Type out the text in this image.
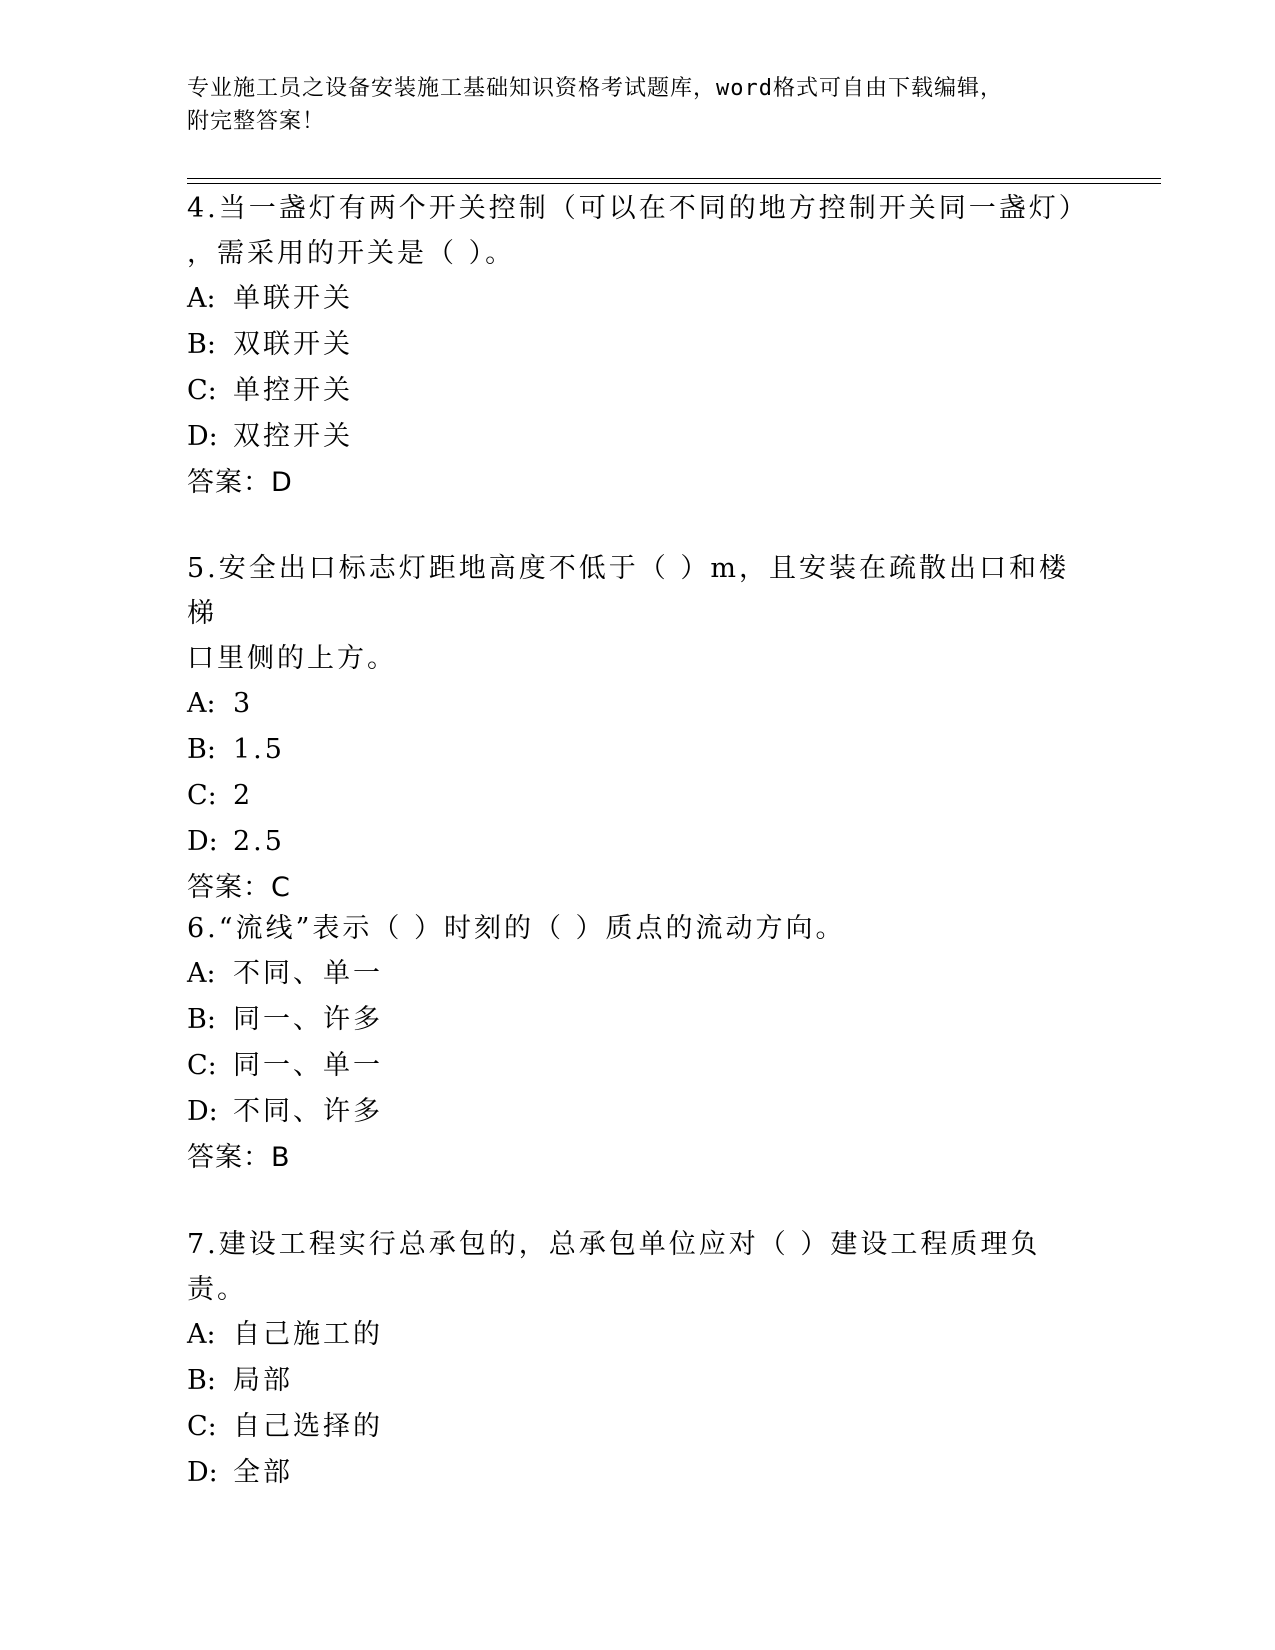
专业施工员之设备安装施工基础知识资格考试题库，word格式可自由下载编辑，
附完整答案！
4.当一盏灯有两个开关控制（可以在不同的地方控制开关同一盏灯）
，需采用的开关是（ ）。
A: 单联开关
B: 双联开关
C: 单控开关
D: 双控开关
答案：D
5.安全出口标志灯距地高度不低于（ ）m，且安装在疏散出口和楼梯
口里侧的上方。
A: 3
B: 1.5
C: 2
D: 2.5
答案：C
6.“流线”表示（ ）时刻的（ ）质点的流动方向。
A: 不同、单一
B: 同一、许多
C: 同一、单一
D: 不同、许多
答案：B
7.建设工程实行总承包的，总承包单位应对（ ）建设工程质理负责。
A: 自己施工的
B: 局部
C: 自己选择的
D: 全部
